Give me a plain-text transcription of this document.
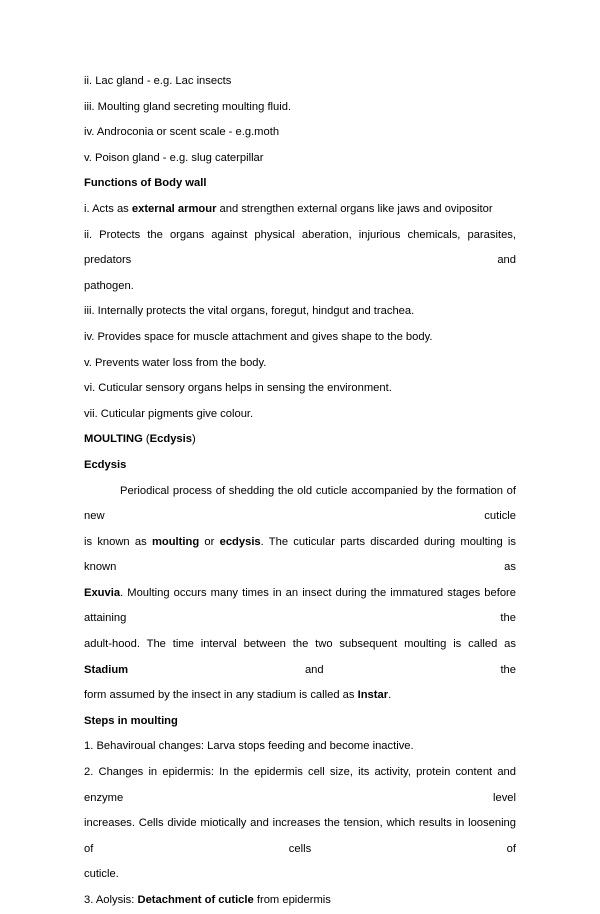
ii. Lac gland - e.g. Lac insects

iii. Moulting gland secreting moulting fluid.

iv. Androconia or scent scale - e.g.moth

v. Poison gland - e.g. slug caterpillar

Functions of Body wall

i. Acts as external armour and strengthen external organs like jaws and ovipositor

ii. Protects the organs against physical aberation, injurious chemicals, parasites, predators and

pathogen.

iii. Internally protects the vital organs, foregut, hindgut and trachea.

iv. Provides space for muscle attachment and gives shape to the body.

v. Prevents water loss from the body.

vi. Cuticular sensory organs helps in sensing the environment.

vii. Cuticular pigments give colour.

MOULTING (Ecdysis)

Ecdysis

Periodical process of shedding the old cuticle accompanied by the formation of new cuticle

is known as moulting or ecdysis. The cuticular parts discarded during moulting is known as

Exuvia. Moulting occurs many times in an insect during the immatured stages before attaining the

adult-hood. The time interval between the two subsequent moulting is called as Stadium and the

form assumed by the insect in any stadium is called as Instar.

Steps in moulting

1. Behaviroual changes: Larva stops feeding and become inactive.

2. Changes in epidermis: In the epidermis cell size, its activity, protein content and enzyme level

increases. Cells divide miotically and increases the tension, which results in loosening of cells of

cuticle.

3. Aolysis: Detachment of cuticle from epidermis
